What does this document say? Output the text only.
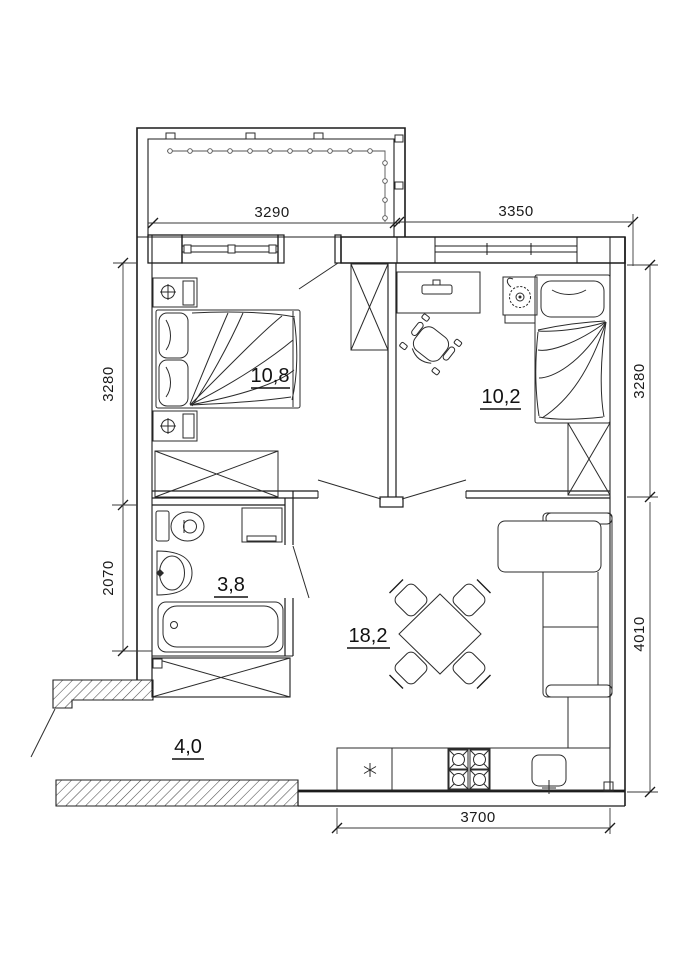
10,8
10,2
3,8
18,2
4,0
3290	3350
3280
2070
3280
4010
3700
